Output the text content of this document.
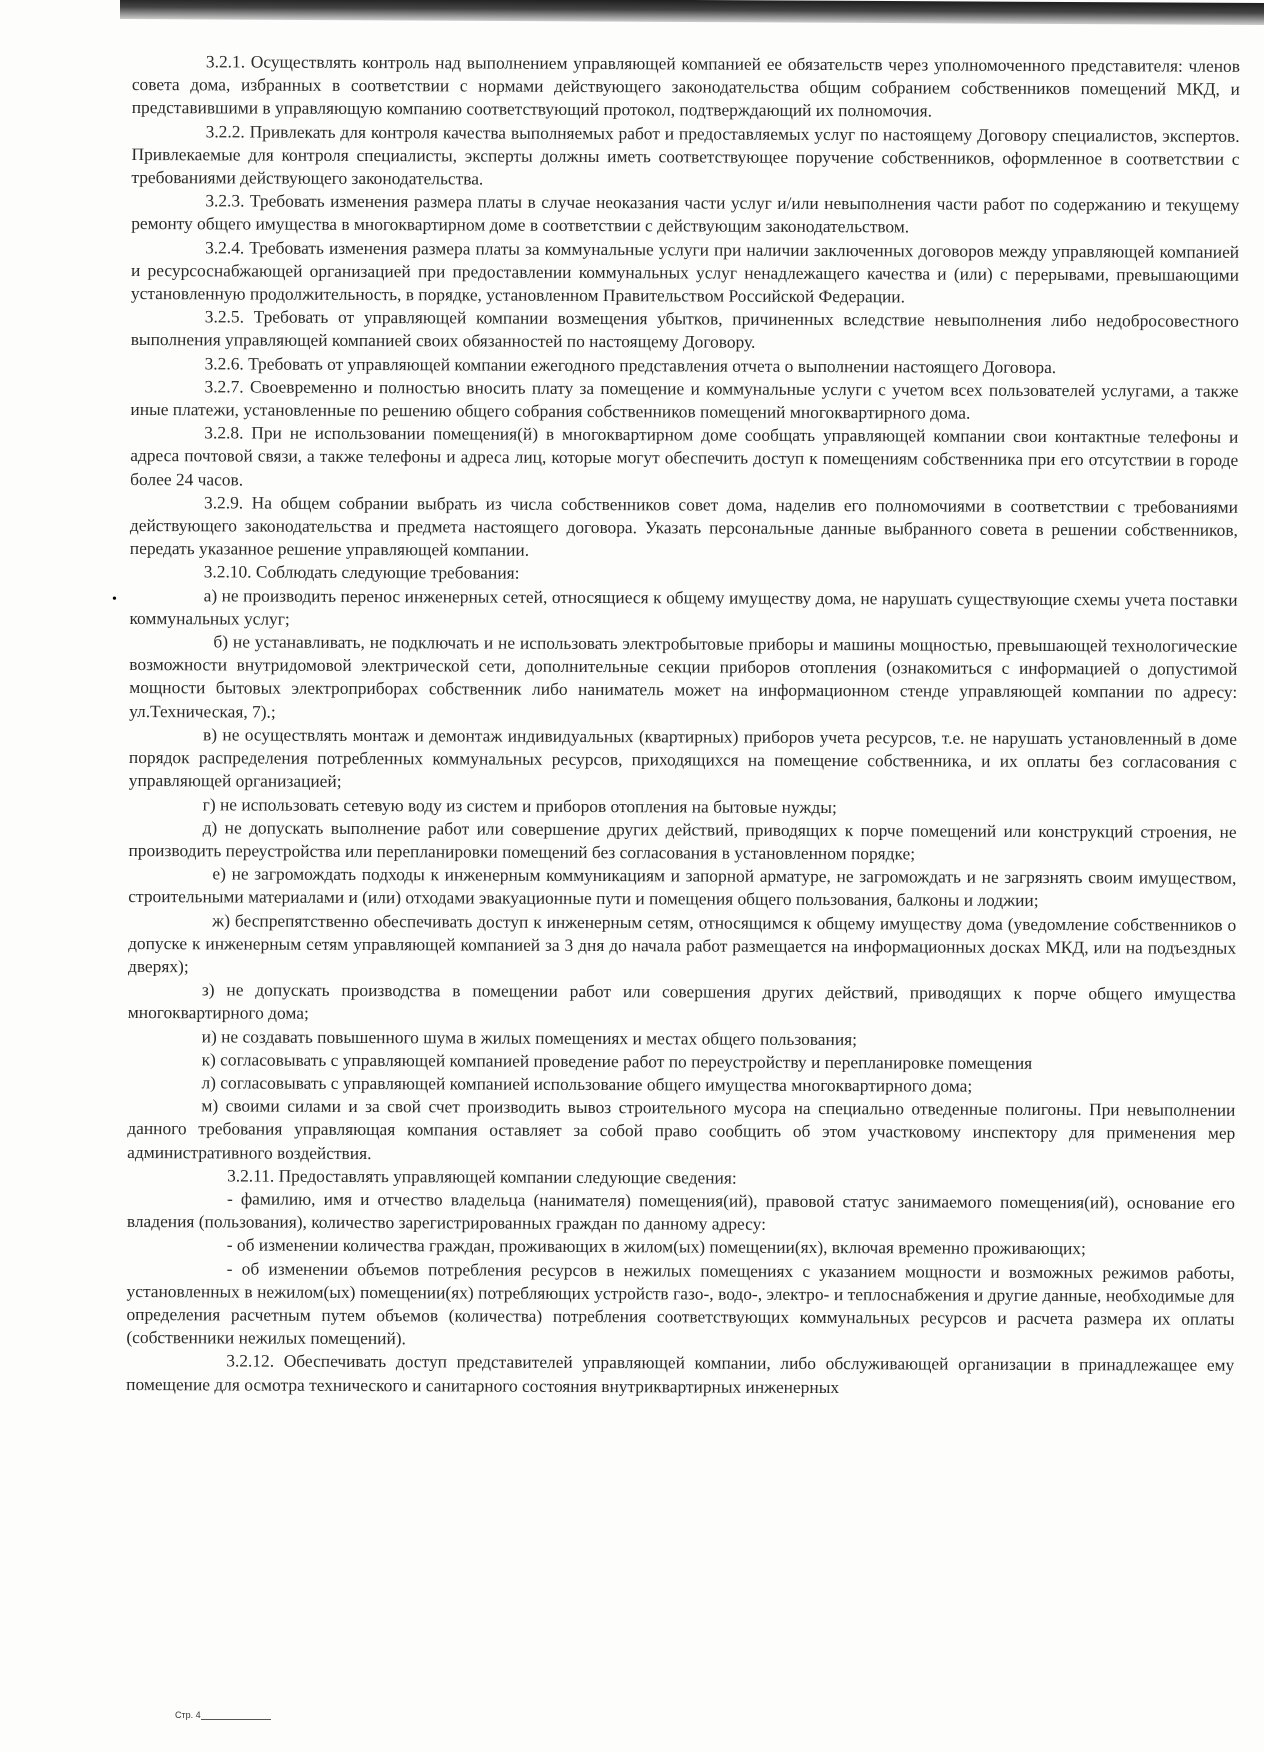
3.2.1. Осуществлять контроль над выполнением управляющей компанией ее обязательств через уполномоченного представителя: членов совета дома, избранных в соответствии с нормами действующего законодательства общим собранием собственников помещений МКД, и представившими в управляющую компанию соответствующий протокол, подтверждающий их полномочия.

3.2.2. Привлекать для контроля качества выполняемых работ и предоставляемых услуг по настоящему Договору специалистов, экспертов. Привлекаемые для контроля специалисты, эксперты должны иметь соответствующее поручение собственников, оформленное в соответствии с требованиями действующего законодательства.

3.2.3. Требовать изменения размера платы в случае неоказания части услуг и/или невыполнения части работ по содержанию и текущему ремонту общего имущества в многоквартирном доме в соответствии с действующим законодательством.

3.2.4. Требовать изменения размера платы за коммунальные услуги при наличии заключенных договоров между управляющей компанией и ресурсоснабжающей организацией при предоставлении коммунальных услуг ненадлежащего качества и (или) с перерывами, превышающими установленную продолжительность, в порядке, установленном Правительством Российской Федерации.

3.2.5. Требовать от управляющей компании возмещения убытков, причиненных вследствие невыполнения либо недобросовестного выполнения управляющей компанией своих обязанностей по настоящему Договору.

3.2.6. Требовать от управляющей компании ежегодного представления отчета о выполнении настоящего Договора.

3.2.7. Своевременно и полностью вносить плату за помещение и коммунальные услуги с учетом всех пользователей услугами, а также иные платежи, установленные по решению общего собрания собственников помещений многоквартирного дома.

3.2.8. При не использовании помещения(й) в многоквартирном доме сообщать управляющей компании свои контактные телефоны и адреса почтовой связи, а также телефоны и адреса лиц, которые могут обеспечить доступ к помещениям собственника при его отсутствии в городе более 24 часов.

3.2.9. На общем собрании выбрать из числа собственников совет дома, наделив его полномочиями в соответствии с требованиями действующего законодательства и предмета настоящего договора. Указать персональные данные выбранного совета в решении собственников, передать указанное решение управляющей компании.

3.2.10. Соблюдать следующие требования:

а) не производить перенос инженерных сетей, относящиеся к общему имуществу дома, не нарушать существующие схемы учета поставки коммунальных услуг;

б) не устанавливать, не подключать и не использовать электробытовые приборы и машины мощностью, превышающей технологические возможности внутридомовой электрической сети, дополнительные секции приборов отопления (ознакомиться с информацией о допустимой мощности бытовых электроприборах собственник либо наниматель может на информационном стенде управляющей компании по адресу: ул.Техническая, 7).;

в) не осуществлять монтаж и демонтаж индивидуальных (квартирных) приборов учета ресурсов, т.е. не нарушать установленный в доме порядок распределения потребленных коммунальных ресурсов, приходящихся на помещение собственника, и их оплаты без согласования с управляющей организацией;

г) не использовать сетевую воду из систем и приборов отопления на бытовые нужды;

д) не допускать выполнение работ или совершение других действий, приводящих к порче помещений или конструкций строения, не производить переустройства или перепланировки помещений без согласования в установленном порядке;

е) не загромождать подходы к инженерным коммуникациям и запорной арматуре, не загромождать и не загрязнять своим имуществом, строительными материалами и (или) отходами эвакуационные пути и помещения общего пользования, балконы и лоджии;

ж) беспрепятственно обеспечивать доступ к инженерным сетям, относящимся к общему имуществу дома (уведомление собственников о допуске к инженерным сетям управляющей компанией за 3 дня до начала работ размещается на информационных досках МКД, или на подъездных дверях);

з) не допускать производства в помещении работ или совершения других действий, приводящих к порче общего имущества многоквартирного дома;

и) не создавать повышенного шума в жилых помещениях и местах общего пользования;

к) согласовывать с управляющей компанией проведение работ по переустройству и перепланировке помещения

л) согласовывать с управляющей компанией использование общего имущества многоквартирного дома;

м) своими силами и за свой счет производить вывоз строительного мусора на специально отведенные полигоны. При невыполнении данного требования управляющая компания оставляет за собой право сообщить об этом участковому инспектору для применения мер административного воздействия.

3.2.11. Предоставлять управляющей компании следующие сведения:

- фамилию, имя и отчество владельца (нанимателя) помещения(ий), правовой статус занимаемого помещения(ий), основание его владения (пользования), количество зарегистрированных граждан по данному адресу:

- об изменении количества граждан, проживающих в жилом(ых) помещении(ях), включая временно проживающих;

- об изменении объемов потребления ресурсов в нежилых помещениях с указанием мощности и возможных режимов работы, установленных в нежилом(ых) помещении(ях) потребляющих устройств газо-, водо-, электро- и теплоснабжения и другие данные, необходимые для определения расчетным путем объемов (количества) потребления соответствующих коммунальных ресурсов и расчета размера их оплаты (собственники нежилых помещений).

3.2.12. Обеспечивать доступ представителей управляющей компании, либо обслуживающей организации в принадлежащее ему помещение для осмотра технического и санитарного состояния внутриквартирных инженерных

•
Стр. 4
